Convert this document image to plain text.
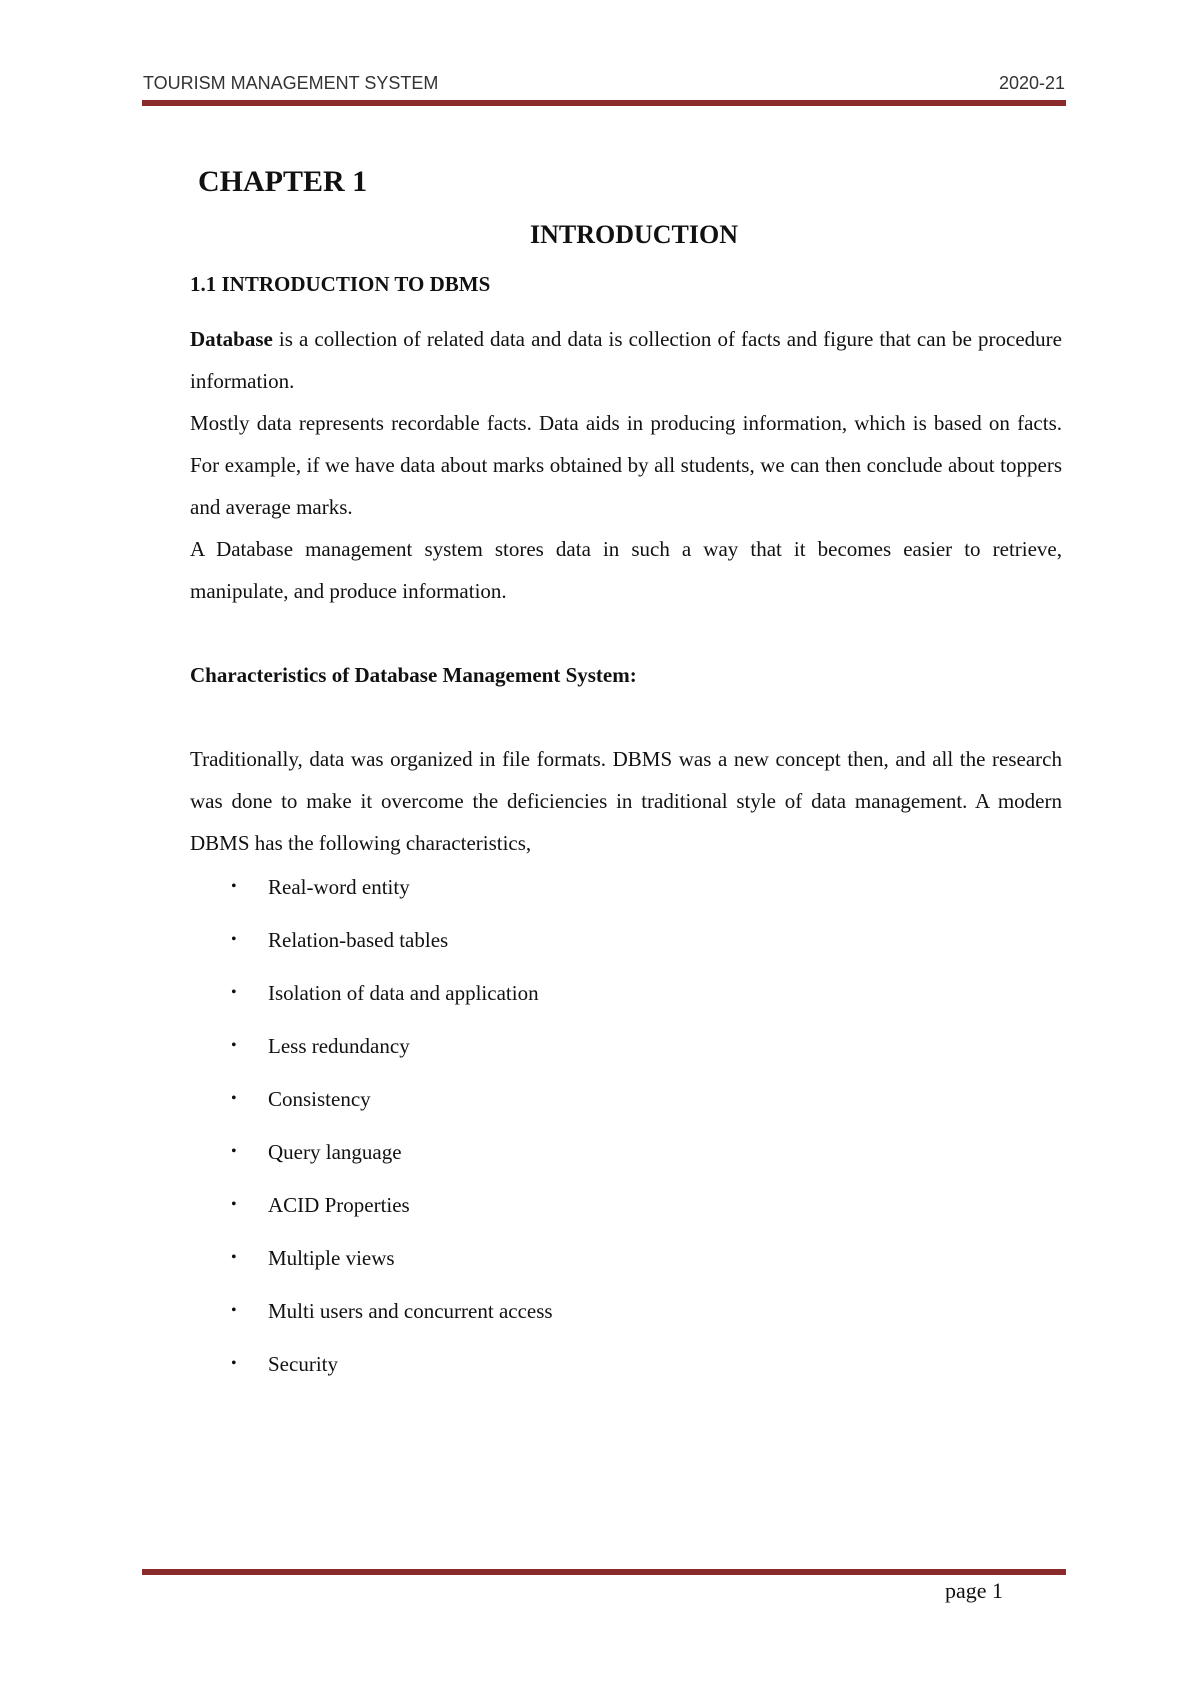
TOURISM MANAGEMENT SYSTEM	2020-21
CHAPTER 1
INTRODUCTION
1.1 INTRODUCTION TO DBMS

Database is a collection of related data and data is collection of facts and figure that can be procedure information.

Mostly data represents recordable facts. Data aids in producing information, which is based on facts. For example, if we have data about marks obtained by all students, we can then conclude about toppers and average marks.

A Database management system stores data in such a way that it becomes easier to retrieve, manipulate, and produce information.

Characteristics of Database Management System:

Traditionally, data was organized in file formats. DBMS was a new concept then, and all the research was done to make it overcome the deficiencies in traditional style of data management. A modern DBMS has the following characteristics,

• Real-word entity
• Relation-based tables
• Isolation of data and application
• Less redundancy
• Consistency
• Query language
• ACID Properties
• Multiple views
• Multi users and concurrent access
• Security
page 1
